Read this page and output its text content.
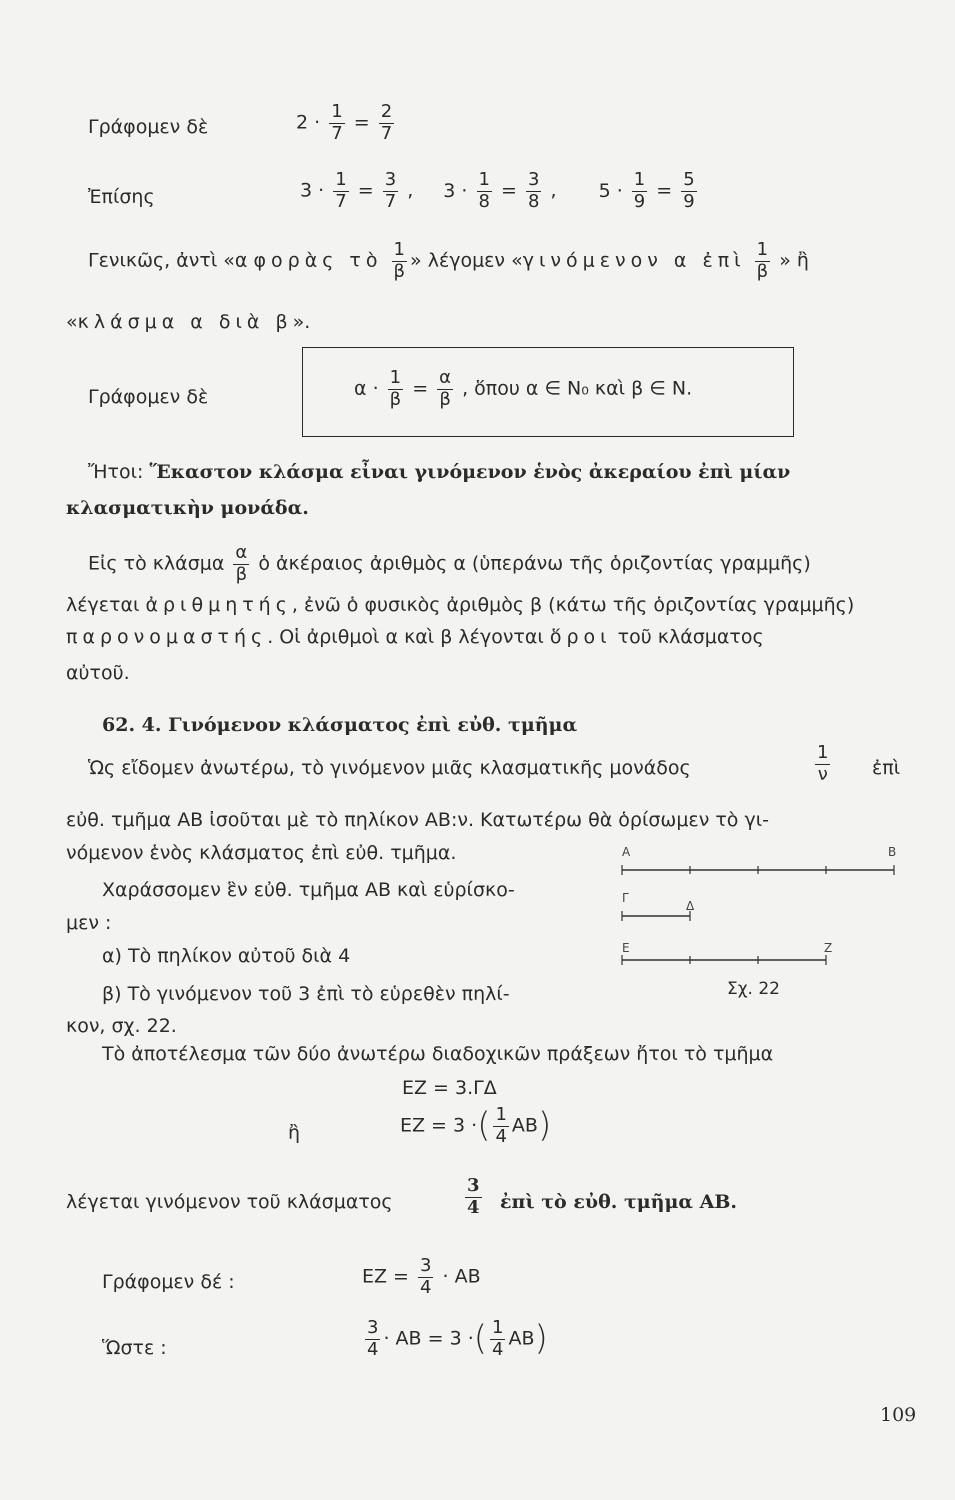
Γράφομεν δὲ	$2 \cdot \frac{1}{7} = \frac{2}{7}$
Ἐπίσης	$3 \cdot \frac{1}{7} = \frac{3}{7}$ , $3 \cdot \frac{1}{8} = \frac{3}{8}$ , $5 \cdot \frac{1}{9} = \frac{5}{9}$
Γενικῶς, ἀντὶ «α φορὰς τὸ $\frac{1}{\beta}$ » λέγομεν «γινόμενον α ἐπὶ $\frac{1}{\beta}$ » ἢ
«κλάσμα α διὰ β».
Γράφομεν δὲ	$\alpha \cdot \frac{1}{\beta} = \frac{\alpha}{\beta}$ , ὅπου α ∈ N₀ καὶ β ∈ N.
Ἤτοι: Ἕκαστον κλάσμα εἶναι γινόμενον ἑνὸς ἀκεραίου ἐπὶ μίαν
κλασματικὴν μονάδα.
Εἰς τὸ κλάσμα $\frac{\alpha}{\beta}$ ὁ ἀκέραιος ἀριθμὸς α (ὑπεράνω τῆς ὁριζοντίας γραμμῆς)
λέγεται ἀριθμητής, ἐνῶ ὁ φυσικὸς ἀριθμὸς β (κάτω τῆς ὁριζοντίας γραμμῆς)
παρονομαστής. Οἱ ἀριθμοὶ α καὶ β λέγονται ὅροι τοῦ κλάσματος
αὐτοῦ.
62. 4. Γινόμενον κλάσματος ἐπὶ εὐθ. τμῆμα
Ὡς εἴδομεν ἀνωτέρω, τὸ γινόμενον μιᾶς κλασματικῆς μονάδος	$\frac{1}{\nu}$ ἐπὶ
εὐθ. τμῆμα AB ἰσοῦται μὲ τὸ πηλίκον AB:ν. Κατωτέρω θὰ ὁρίσωμεν τὸ γι-
νόμενον ἑνὸς κλάσματος ἐπὶ εὐθ. τμῆμα.	A	B
Γ
Δ
E	Z
Σχ. 22
Χαράσσομεν ἓν εὐθ. τμῆμα AB καὶ εὑρίσκο-
μεν :
α) Τὸ πηλίκον αὐτοῦ διὰ 4
β) Τὸ γινόμενον τοῦ 3 ἐπὶ τὸ εὑρεθὲν πηλί-
κον, σχ. 22.
Τὸ ἀποτέλεσμα τῶν δύο ἀνωτέρω διαδοχικῶν πράξεων ἤτοι τὸ τμῆμα
EZ = 3.ΓΔ
ἢ	EZ = 3 ·( $\frac{1}{4} AB$)
λέγεται γινόμενον τοῦ κλάσματος	$\frac{3}{4}$ ἐπὶ τὸ εὐθ. τμῆμα AB.
Γράφομεν δέ :	EZ = $\frac{3}{4}$ · AB
Ὥστε :	$\frac{3}{4}$ · AB = 3 ·( $\frac{1}{4} AB$)
109
